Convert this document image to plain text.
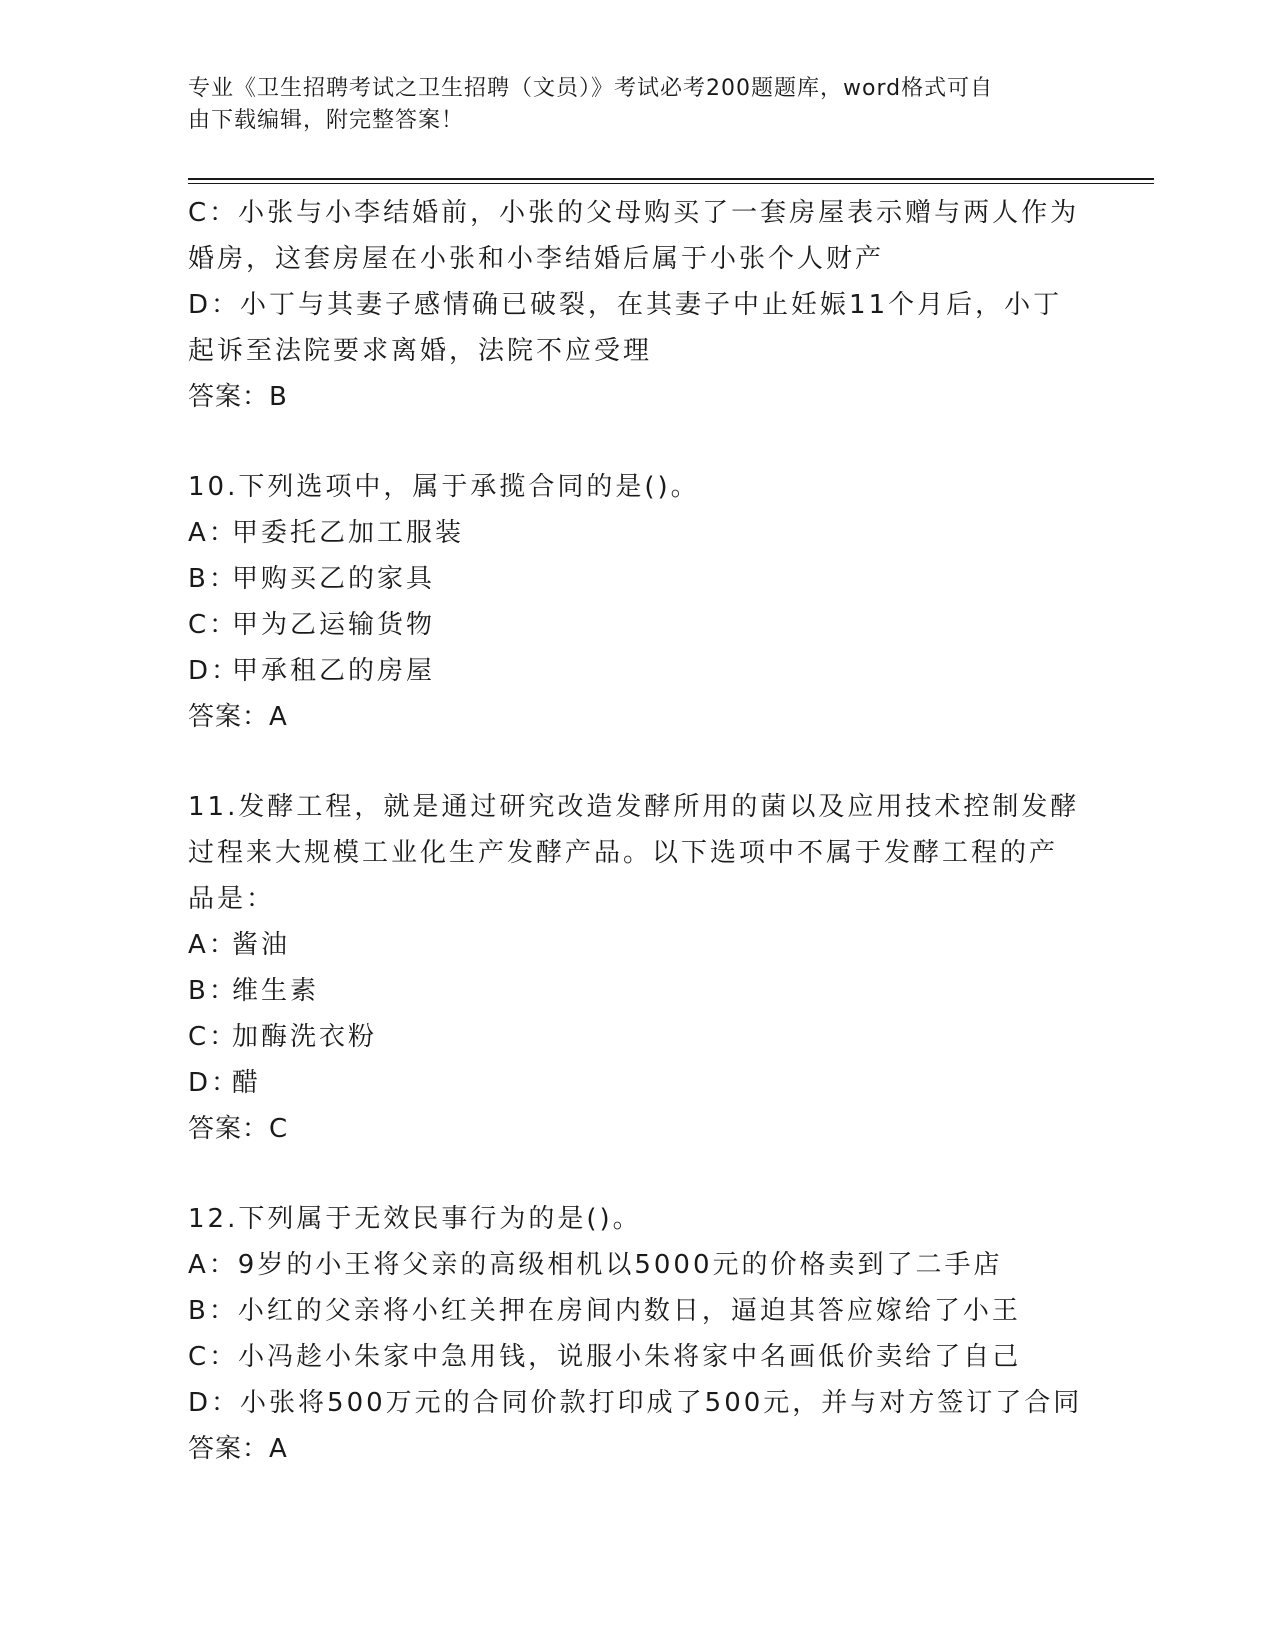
专业《卫生招聘考试之卫生招聘（文员）》考试必考200题题库，word格式可自
由下载编辑，附完整答案！
C：小张与小李结婚前，小张的父母购买了一套房屋表示赠与两人作为
婚房，这套房屋在小张和小李结婚后属于小张个人财产
D：小丁与其妻子感情确已破裂，在其妻子中止妊娠11个月后，小丁
起诉至法院要求离婚，法院不应受理
答案：B
10.下列选项中，属于承揽合同的是()。
A：甲委托乙加工服装
B：甲购买乙的家具
C：甲为乙运输货物
D：甲承租乙的房屋
答案：A
11.发酵工程，就是通过研究改造发酵所用的菌以及应用技术控制发酵
过程来大规模工业化生产发酵产品。以下选项中不属于发酵工程的产
品是：
A：酱油
B：维生素
C：加酶洗衣粉
D：醋
答案：C
12.下列属于无效民事行为的是()。
A：9岁的小王将父亲的高级相机以5000元的价格卖到了二手店
B：小红的父亲将小红关押在房间内数日，逼迫其答应嫁给了小王
C：小冯趁小朱家中急用钱，说服小朱将家中名画低价卖给了自己
D：小张将500万元的合同价款打印成了500元，并与对方签订了合同
答案：A
